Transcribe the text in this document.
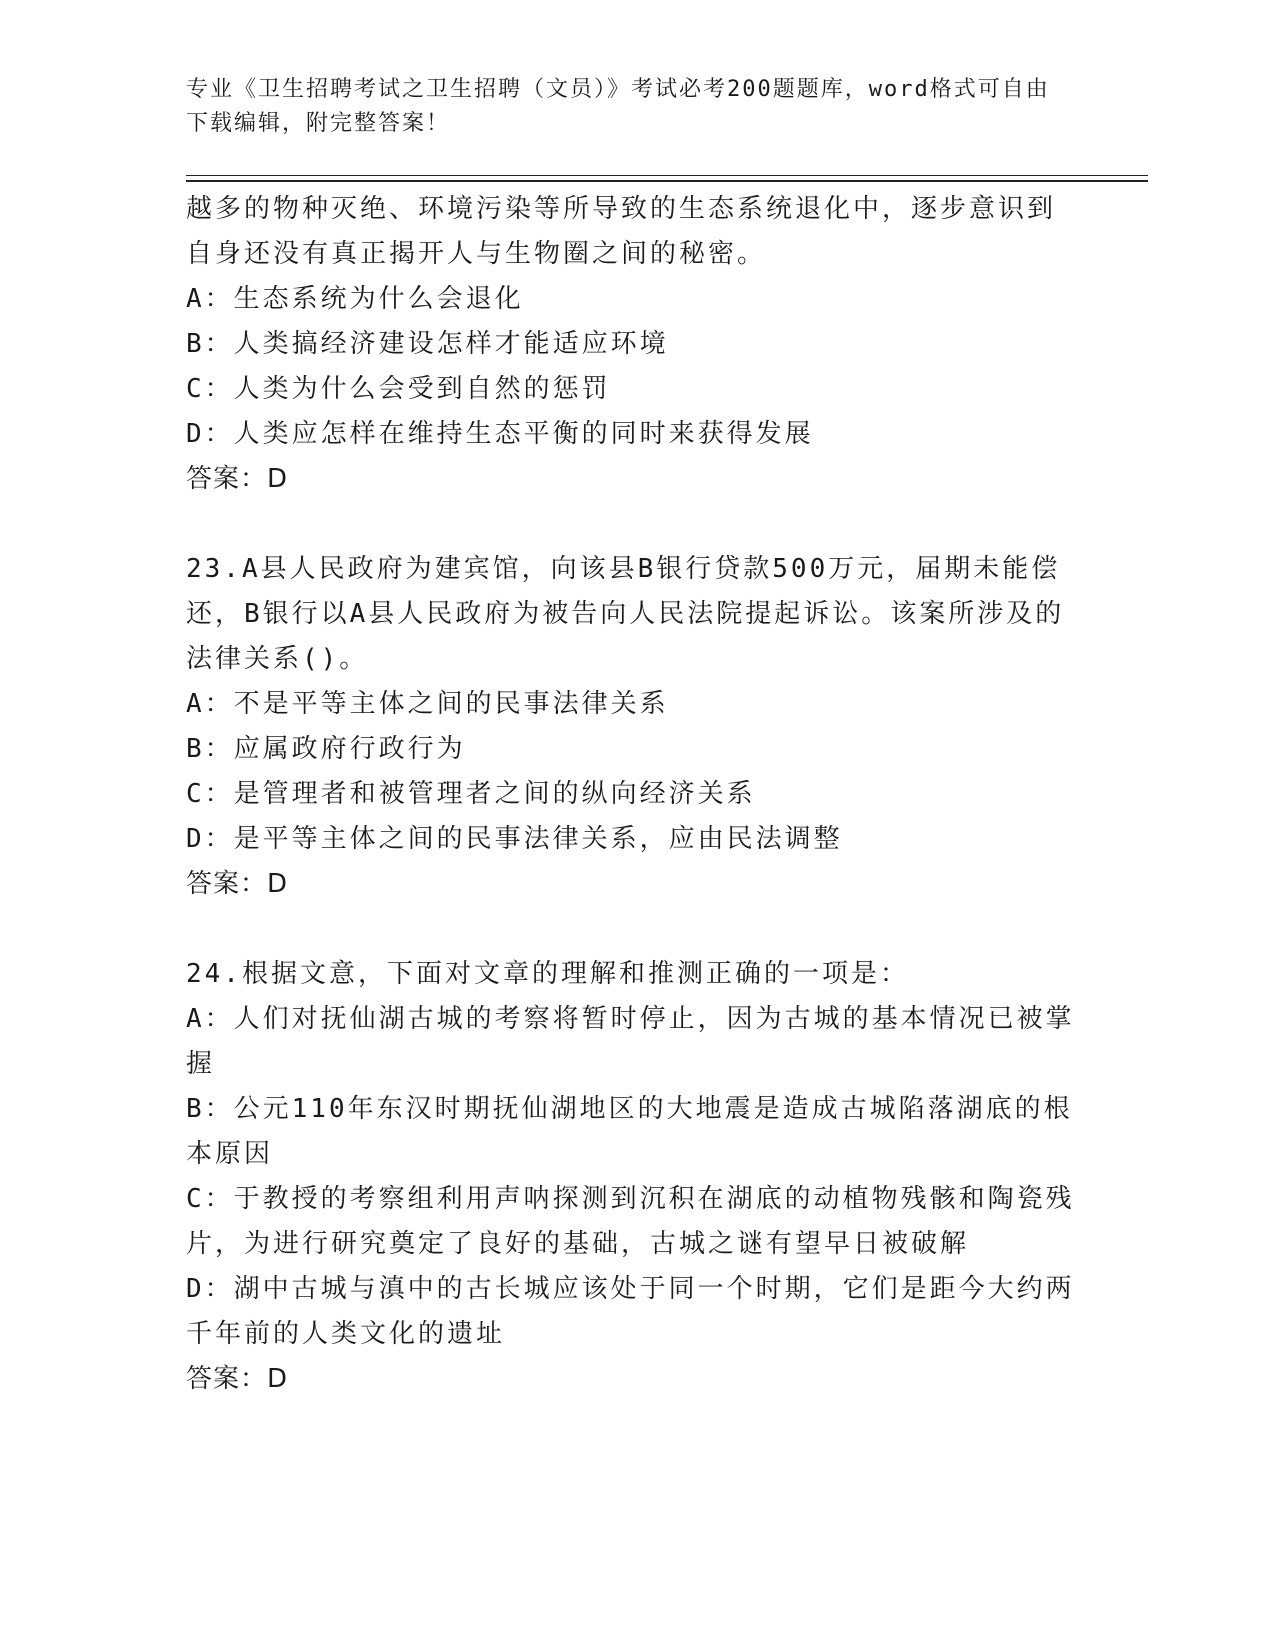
专业《卫生招聘考试之卫生招聘（文员）》考试必考200题题库，word格式可自由下载编辑，附完整答案！
越多的物种灭绝、环境污染等所导致的生态系统退化中，逐步意识到
自身还没有真正揭开人与生物圈之间的秘密。
A：生态系统为什么会退化
B：人类搞经济建设怎样才能适应环境
C：人类为什么会受到自然的惩罚
D：人类应怎样在维持生态平衡的同时来获得发展
答案：D
23.A县人民政府为建宾馆，向该县B银行贷款500万元，届期未能偿还，B银行以A县人民政府为被告向人民法院提起诉讼。该案所涉及的法律关系()。
A：不是平等主体之间的民事法律关系
B：应属政府行政行为
C：是管理者和被管理者之间的纵向经济关系
D：是平等主体之间的民事法律关系，应由民法调整
答案：D
24.根据文意，下面对文章的理解和推测正确的一项是：
A：人们对抚仙湖古城的考察将暂时停止，因为古城的基本情况已被掌握
B：公元110年东汉时期抚仙湖地区的大地震是造成古城陷落湖底的根本原因
C：于教授的考察组利用声呐探测到沉积在湖底的动植物残骸和陶瓷残片，为进行研究奠定了良好的基础，古城之谜有望早日被破解
D：湖中古城与滇中的古长城应该处于同一个时期，它们是距今大约两千年前的人类文化的遗址
答案：D
